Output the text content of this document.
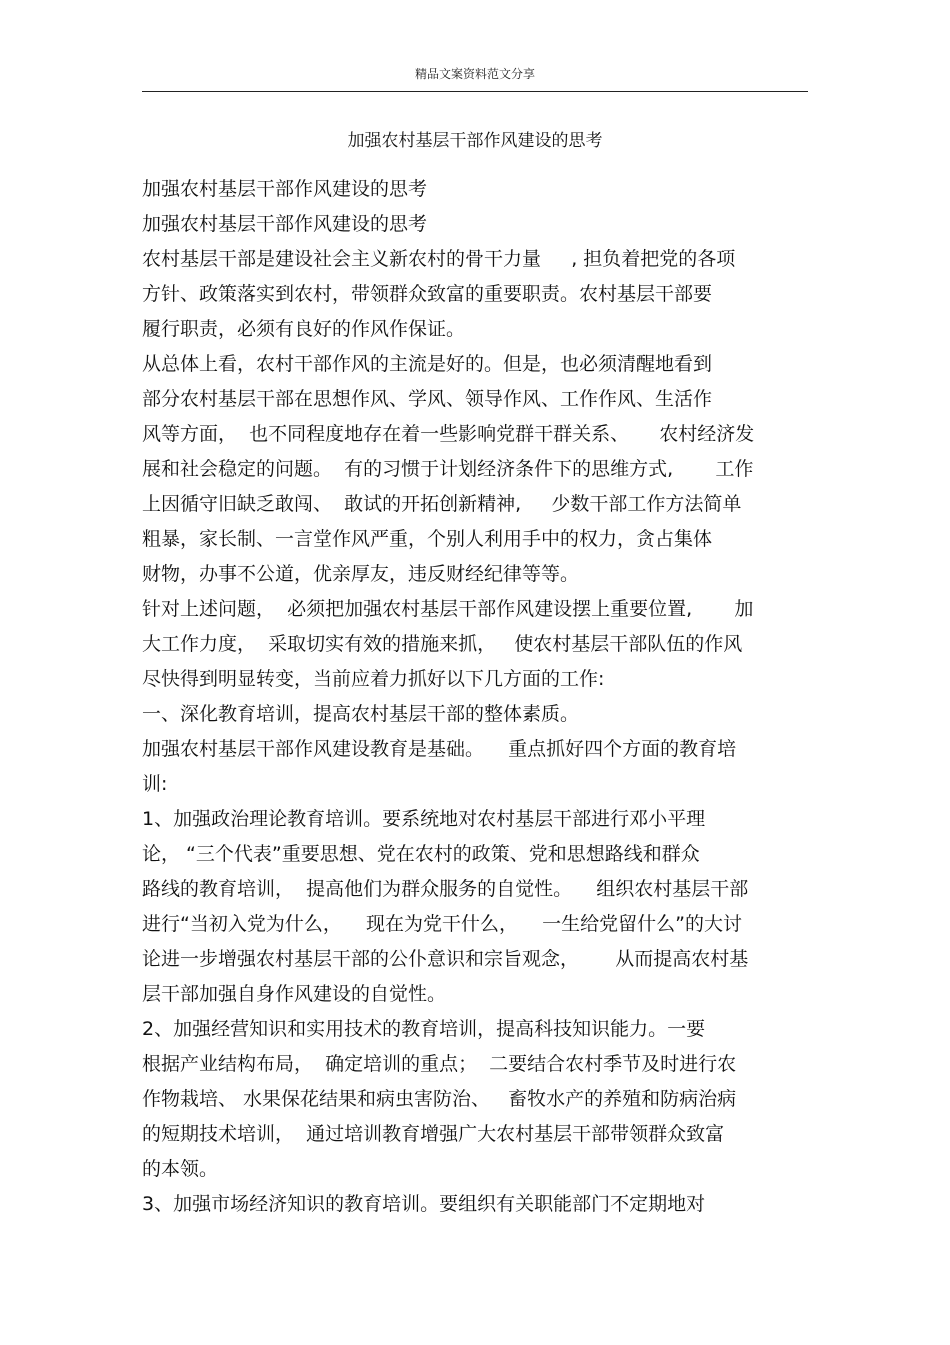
精品文案资料范文分享
加强农村基层干部作风建设的思考
加强农村基层干部作风建设的思考
加强农村基层干部作风建设的思考
农村基层干部是建设社会主义新农村的骨干力量     , 担负着把党的各项
方针、政策落实到农村，带领群众致富的重要职责。农村基层干部要
履行职责，必须有良好的作风作保证。
从总体上看，农村干部作风的主流是好的。但是，也必须清醒地看到
部分农村基层干部在思想作风、学风、领导作风、工作作风、生活作
风等方面，  也不同程度地存在着一些影响党群干群关系、     农村经济发
展和社会稳定的问题。  有的习惯于计划经济条件下的思维方式,       工作
上因循守旧缺乏敢闯、  敢试的开拓创新精神,     少数干部工作方法简单
粗暴，家长制、一言堂作风严重，个别人利用手中的权力，贪占集体
财物，办事不公道，优亲厚友，违反财经纪律等等。
针对上述问题，  必须把加强农村基层干部作风建设摆上重要位置,       加
大工作力度，  采取切实有效的措施来抓，   使农村基层干部队伍的作风
尽快得到明显转变，当前应着力抓好以下几方面的工作:
一、深化教育培训，提高农村基层干部的整体素质。
加强农村基层干部作风建设教育是基础。    重点抓好四个方面的教育培
训:
1、加强政治理论教育培训。要系统地对农村基层干部进行邓小平理
论， “三个代表”重要思想、党在农村的政策、党和思想路线和群众
路线的教育培训，  提高他们为群众服务的自觉性。    组织农村基层干部
进行“当初入党为什么，    现在为党干什么，    一生给党留什么”的大讨
论进一步增强农村基层干部的公仆意识和宗旨观念，      从而提高农村基
层干部加强自身作风建设的自觉性。
2、加强经营知识和实用技术的教育培训，提高科技知识能力。一要
根据产业结构布局，  确定培训的重点；  二要结合农村季节及时进行农
作物栽培、 水果保花结果和病虫害防治、   畜牧水产的养殖和防病治病
的短期技术培训，  通过培训教育增强广大农村基层干部带领群众致富
的本领。
3、加强市场经济知识的教育培训。要组织有关职能部门不定期地对
